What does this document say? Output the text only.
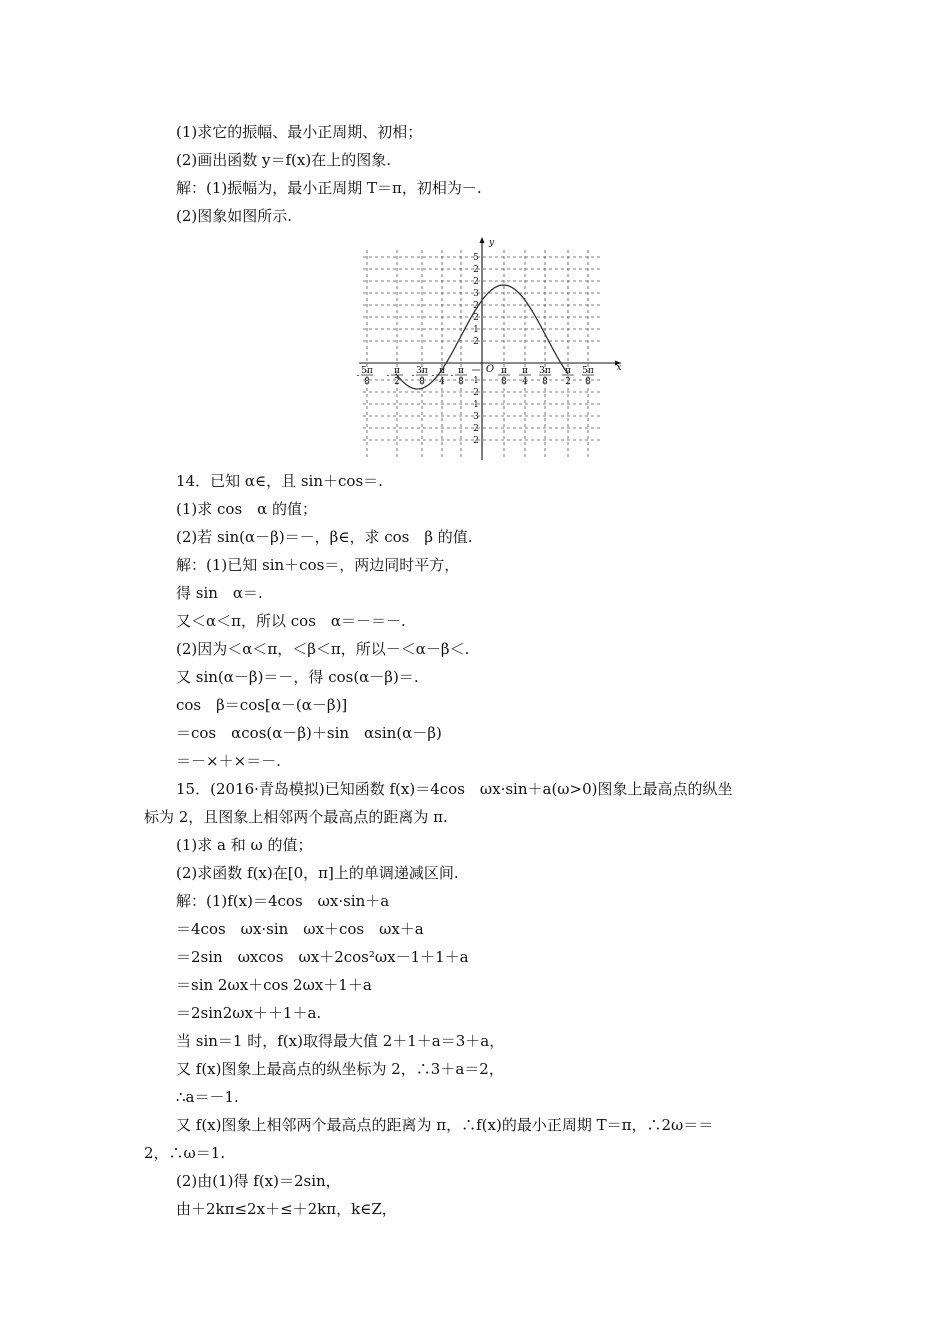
(1)求它的振幅、最小正周期、初相；
(2)画出函数 y＝f(x)在上的图象.
解：(1)振幅为，最小正周期 T＝π，初相为－.
(2)图象如图所示.
y
x
O
5π
8
-	π
2
-	3π
8
-	π
4
-	π
8
-	π
8
π
4
3π
8
π
2
5π
8
5
2
2
3
2
2
1
2
1
2
1
3
2
2
14．已知 α∈，且 sin＋cos＝.
(1)求 cos　α 的值；
(2)若 sin(α－β)＝－，β∈，求 cos　β 的值.
解：(1)已知 sin＋cos＝，两边同时平方，
得 sin　α＝.
又＜α＜π，所以 cos　α＝－＝－.
(2)因为＜α＜π，＜β＜π，所以－＜α－β＜.
又 sin(α－β)＝－，得 cos(α－β)＝.
cos　β＝cos[α－(α－β)]
＝cos　αcos(α－β)＋sin　αsin(α－β)
＝－×＋×＝－.
15．(2016·青岛模拟)已知函数 f(x)＝4cos　ωx·sin＋a(ω>0)图象上最高点的纵坐
标为 2，且图象上相邻两个最高点的距离为 π.
(1)求 a 和 ω 的值；
(2)求函数 f(x)在[0，π]上的单调递减区间.
解：(1)f(x)＝4cos　ωx·sin＋a
＝4cos　ωx·sin　ωx＋cos　ωx＋a
＝2sin　ωxcos　ωx＋2cos²ωx－1＋1＋a
＝sin 2ωx＋cos 2ωx＋1＋a
＝2sin2ωx＋＋1＋a.
当 sin＝1 时，f(x)取得最大值 2＋1＋a＝3＋a，
又 f(x)图象上最高点的纵坐标为 2，∴3＋a＝2，
∴a＝－1.
又 f(x)图象上相邻两个最高点的距离为 π，∴f(x)的最小正周期 T＝π，∴2ω＝＝
2，∴ω＝1.
(2)由(1)得 f(x)＝2sin，
由＋2kπ≤2x＋≤＋2kπ，k∈Z，
